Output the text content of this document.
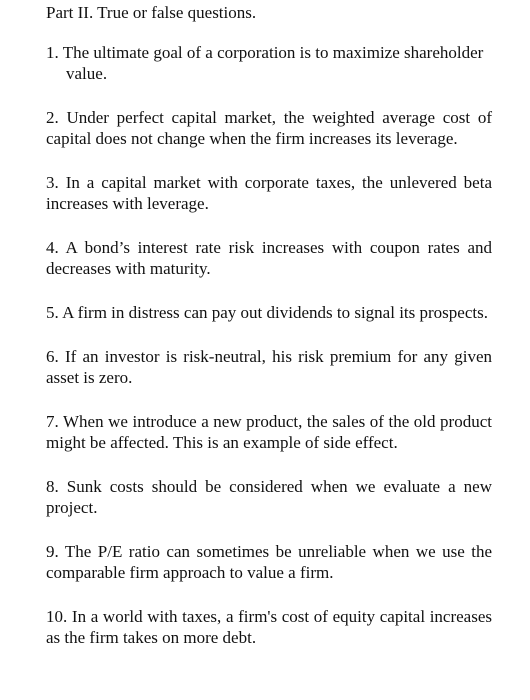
Part II. True or false questions.
1. The ultimate goal of a corporation is to maximize shareholder value.
2. Under perfect capital market, the weighted average cost of capital does not change when the firm increases its leverage.
3. In a capital market with corporate taxes, the unlevered beta increases with leverage.
4. A bond’s interest rate risk increases with coupon rates and decreases with maturity.
5. A firm in distress can pay out dividends to signal its prospects.
6. If an investor is risk-neutral, his risk premium for any given asset is zero.
7. When we introduce a new product, the sales of the old product might be affected. This is an example of side effect.
8. Sunk costs should be considered when we evaluate a new project.
9. The P/E ratio can sometimes be unreliable when we use the comparable firm approach to value a firm.
10. In a world with taxes, a firm's cost of equity capital increases as the firm takes on more debt.
